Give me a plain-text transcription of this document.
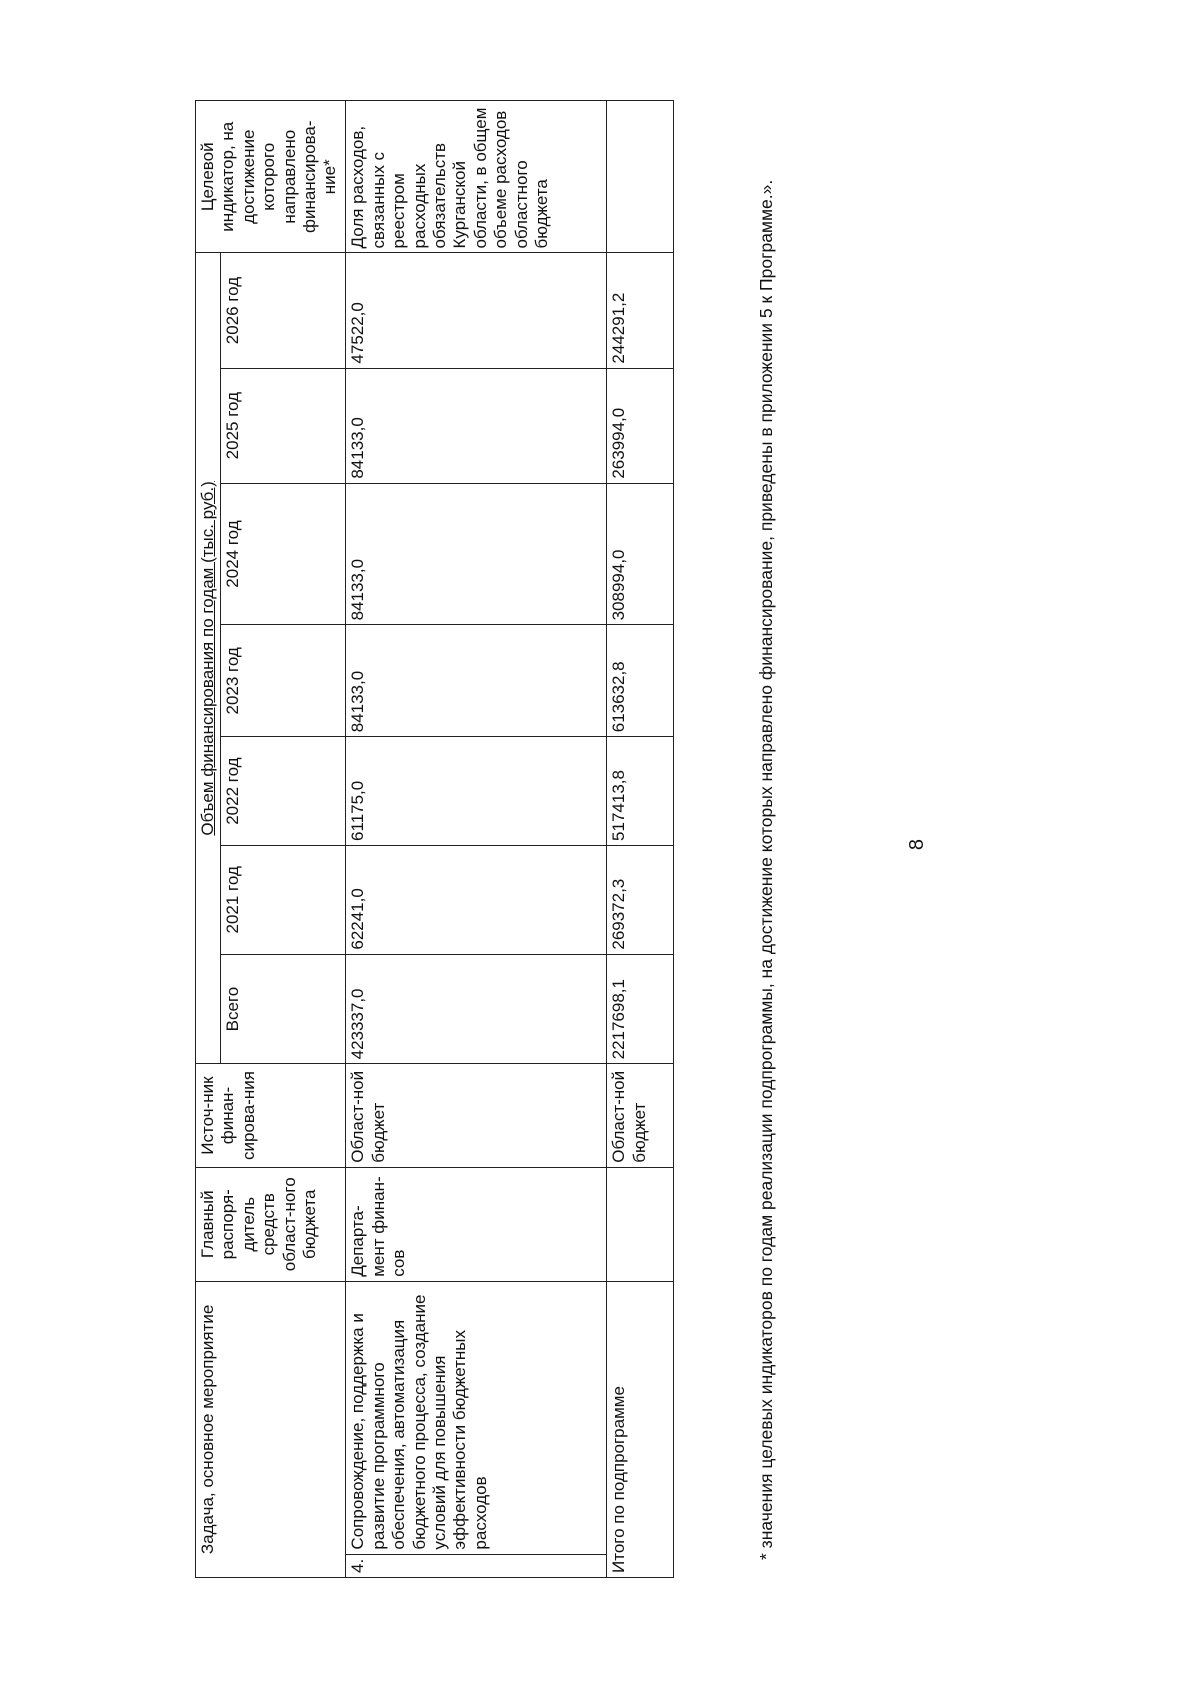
8
Задача, основное мероприятие		Главный распоря-дитель средств област-ного бюджета	Источ-ник финан-сирова-ния	Объем финансирования по годам (тыс. руб.)							Целевой индикатор, на достижение которого направлено финансирова-ние*
				Всего	2021 год	2022 год	2023 год	2024 год	2025 год	2026 год	
4.	Сопровождение, поддержка и развитие программного обеспечения, автоматизация бюджетного процесса, создание условий для повышения эффективности бюджетных расходов	Департа-мент финан-сов	Област-ной бюджет	423337,0	62241,0	61175,0	84133,0	84133,0	84133,0	47522,0	Доля расходов, связанных с реестром расходных обязательств Курганской области, в общем объеме расходов областного бюджета
Итого по подпрограмме			Област-ной бюджет	2217698,1	269372,3	517413,8	613632,8	308994,0	263994,0	244291,2		* значения целевых индикаторов по годам реализации подпрограммы, на достижение которых направлено финансирование, приведены в приложении 5 к Программе.».
